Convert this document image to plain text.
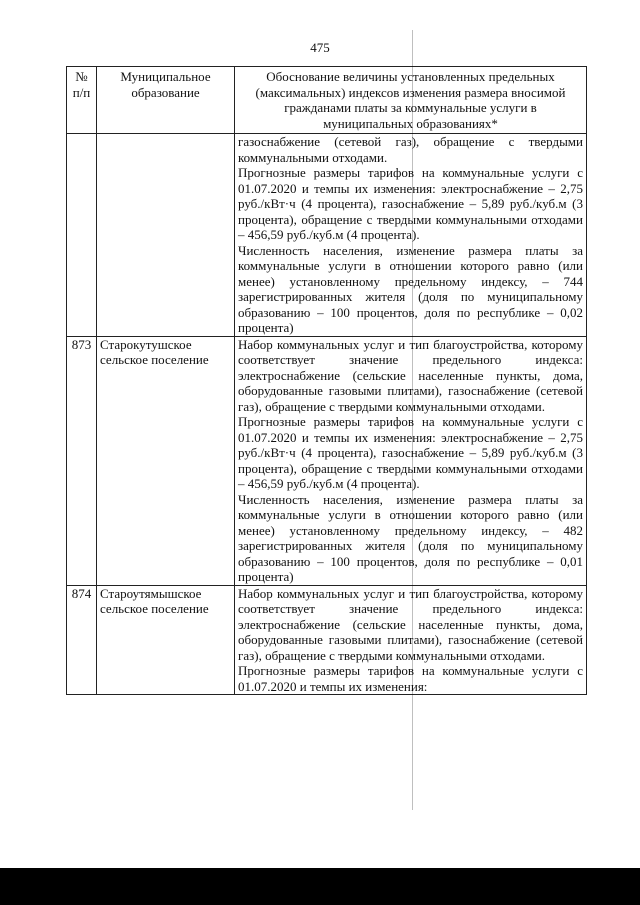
475
№ п/п	Муниципальное образование	Обоснование величины установленных предельных (максимальных) индексов изменения размера вносимой гражданами платы за коммунальные услуги в муниципальных образованиях*

		газоснабжение (сетевой газ), обращение с твердыми коммунальными отходами.

Прогнозные размеры тарифов на коммунальные услуги с 01.07.2020 и темпы их изменения: электроснабжение – 2,75 руб./кВт·ч (4 процента), газоснабжение – 5,89 руб./куб.м (3 процента), обращение с твердыми коммунальными отходами – 456,59 руб./куб.м (4 процента).

Численность населения, изменение размера платы за коммунальные услуги в отношении которого равно (или менее) установленному предельному индексу, – 744 зарегистрированных жителя (доля по муниципальному образованию – 100 процентов, доля по республике – 0,02 процента)

873	Старокутушское сельское поселение	Набор коммунальных услуг и тип благоустройства, которому соответствует значение предельного индекса: электроснабжение (сельские населенные пункты, дома, оборудованные газовыми плитами), газоснабжение (сетевой газ), обращение с твердыми коммунальными отходами.

Прогнозные размеры тарифов на коммунальные услуги с 01.07.2020 и темпы их изменения: электроснабжение – 2,75 руб./кВт·ч (4 процента), газоснабжение – 5,89 руб./куб.м (3 процента), обращение с твердыми коммунальными отходами – 456,59 руб./куб.м (4 процента).

Численность населения, изменение размера платы за коммунальные услуги в отношении которого равно (или менее) установленному предельному индексу, – 482 зарегистрированных жителя (доля по муниципальному образованию – 100 процентов, доля по республике – 0,01 процента)

874	Староутямышское сельское поселение	Набор коммунальных услуг и тип благоустройства, которому соответствует значение предельного индекса: электроснабжение (сельские населенные пункты, дома, оборудованные газовыми плитами), газоснабжение (сетевой газ), обращение с твердыми коммунальными отходами.

Прогнозные размеры тарифов на коммунальные услуги с 01.07.2020 и темпы их изменения:
